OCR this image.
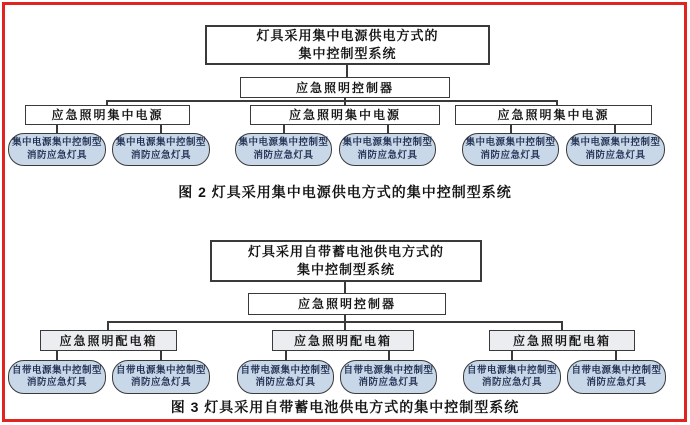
灯具采用集中电源供电方式的
集中控制型系统
应急照明控制器
应急照明集中电源	应急照明集中电源	应急照明集中电源
集中电源集中控制型
消防应急灯具
集中电源集中控制型
消防应急灯具
集中电源集中控制型
消防应急灯具
集中电源集中控制型
消防应急灯具
集中电源集中控制型
消防应急灯具
集中电源集中控制型
消防应急灯具
图 2 灯具采用集中电源供电方式的集中控制型系统
灯具采用自带蓄电池供电方式的
集中控制型系统
应急照明控制器
应急照明配电箱	应急照明配电箱	应急照明配电箱
自带电源集中控制型
消防应急灯具
自带电源集中控制型
消防应急灯具
自带电源集中控制型
消防应急灯具
自带电源集中控制型
消防应急灯具
自带电源集中控制型
消防应急灯具
自带电源集中控制型
消防应急灯具
图 3 灯具采用自带蓄电池供电方式的集中控制型系统
